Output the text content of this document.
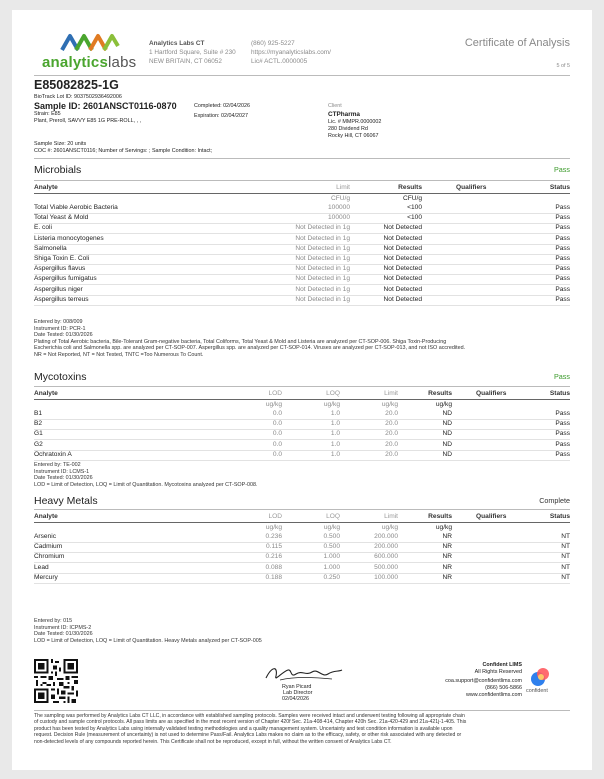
analyticslabs
Analytics Labs CT
1 Hartford Square, Suite # 230
NEW BRITAIN, CT 06052
(860) 925-5227
https://myanalyticslabs.com/
Lic# ACTL.0000005
Certificate of Analysis
5 of 5
E85082825-1G
BioTrack Lot ID: 9037502936492006
Sample ID: 2601ANSCT0116-0870	Completed: 02/04/2026
Strain: E85	Expiration: 02/04/2027
Plant, Preroll, SAVVY E85 1G PRE-ROLL, , ,
Client
CTPharma
Lic. # MMPR.0000002
280 Dividend Rd
Rocky Hill, CT 06067
Sample Size: 20 units
COC #: 2601ANSCT0116; Number of Servings: ; Sample Condition: Intact;
Microbials	Pass
Analyte	Limit	Results	Qualifiers	Status
CFU/g	CFU/g
Mycotoxins	Pass
Analyte	LOD	LOQ	Limit	Results	Qualifiers	Status
ug/kg	ug/kg	ug/kg	ug/kg
Heavy Metals	Complete
Analyte	LOD	LOQ	Limit	Results	Qualifiers	Status
ug/kg	ug/kg	ug/kg	ug/kg
Ryan Picard
Lab Director
02/04/2026
Confident LIMS
All Rights Reserved
coa.support@confidentlims.com
(866) 506-5866
www.confidentlims.com
confident
Total Viable Aerobic Bacteria	100000	<100	Pass
Total Yeast & Mold	100000	<100	Pass
E. coli	Not Detected in 1g	Not Detected	Pass
Listeria monocytogenes	Not Detected in 1g	Not Detected	Pass
Salmonella	Not Detected in 1g	Not Detected	Pass
Shiga Toxin E. Coli	Not Detected in 1g	Not Detected	Pass
Aspergillus flavus	Not Detected in 1g	Not Detected	Pass
Aspergillus fumigatus	Not Detected in 1g	Not Detected	Pass
Aspergillus niger	Not Detected in 1g	Not Detected	Pass
Aspergillus terreus	Not Detected in 1g	Not Detected	Pass
Entered by: 008/009
Instrument ID: PCR-1
Date Tested: 01/30/2026
Plating of Total Aerobic bacteria, Bile-Tolerant Gram-negative bacteria, Total Coliforms, Total Yeast & Mold and Listeria are analyzed per CT-SOP-006. Shiga Toxin-Producing
Escherichia coli and Salmonella spp. are analyzed per CT-SOP-007. Aspergillus spp. are analyzed per CT-SOP-014. Viruses are analyzed per CT-SOP-013, and not ISO accredited.
NR = Not Reported, NT = Not Tested, TNTC =Too Numerous To Count.
B1	0.0	1.0	20.0	ND	Pass
B2	0.0	1.0	20.0	ND	Pass
G1	0.0	1.0	20.0	ND	Pass
G2	0.0	1.0	20.0	ND	Pass
Ochratoxin A	0.0	1.0	20.0	ND	Pass
Entered by: TE-002
Instrument ID: LCMS-1
Date Tested: 01/30/2026
LOD = Limit of Detection, LOQ = Limit of Quantitation. Mycotoxins analyzed per CT-SOP-008.
Arsenic	0.236	0.500	200.000	NR	NT
Cadmium	0.115	0.500	200.000	NR	NT
Chromium	0.216	1.000	600.000	NR	NT
Lead	0.088	1.000	500.000	NR	NT
Mercury	0.188	0.250	100.000	NR	NT
Entered by: 015
Instrument ID: ICPMS-2
Date Tested: 01/30/2026
LOD = Limit of Detection, LOQ = Limit of Quantitation. Heavy Metals analyzed per CT-SOP-005
The sampling was performed by Analytics Labs CT LLC, in accordance with established sampling protocols. Samples were received intact and underwent testing following all appropriate chain
of custody and sample control protocols. All pass limits are as specified in the most recent version of Chapter 420f Sec. 21a-408-414, Chapter 420h Sec. 21a-420-429 and 21a-421j-1-405. This
product has been tested by Analytics Labs using internally validated testing methodologies and a quality management system. Uncertainty and test condition information is available upon
request. Decision Rule (measurement of uncertainty) is not used to determine Pass/Fail. Analytics Labs makes no claim as to the efficacy, safety, or other risk associated with any detected or
non-detected levels of any compounds reported herein. This Certificate shall not be reproduced, except in full, without the written consent of Analytics Labs CT.
